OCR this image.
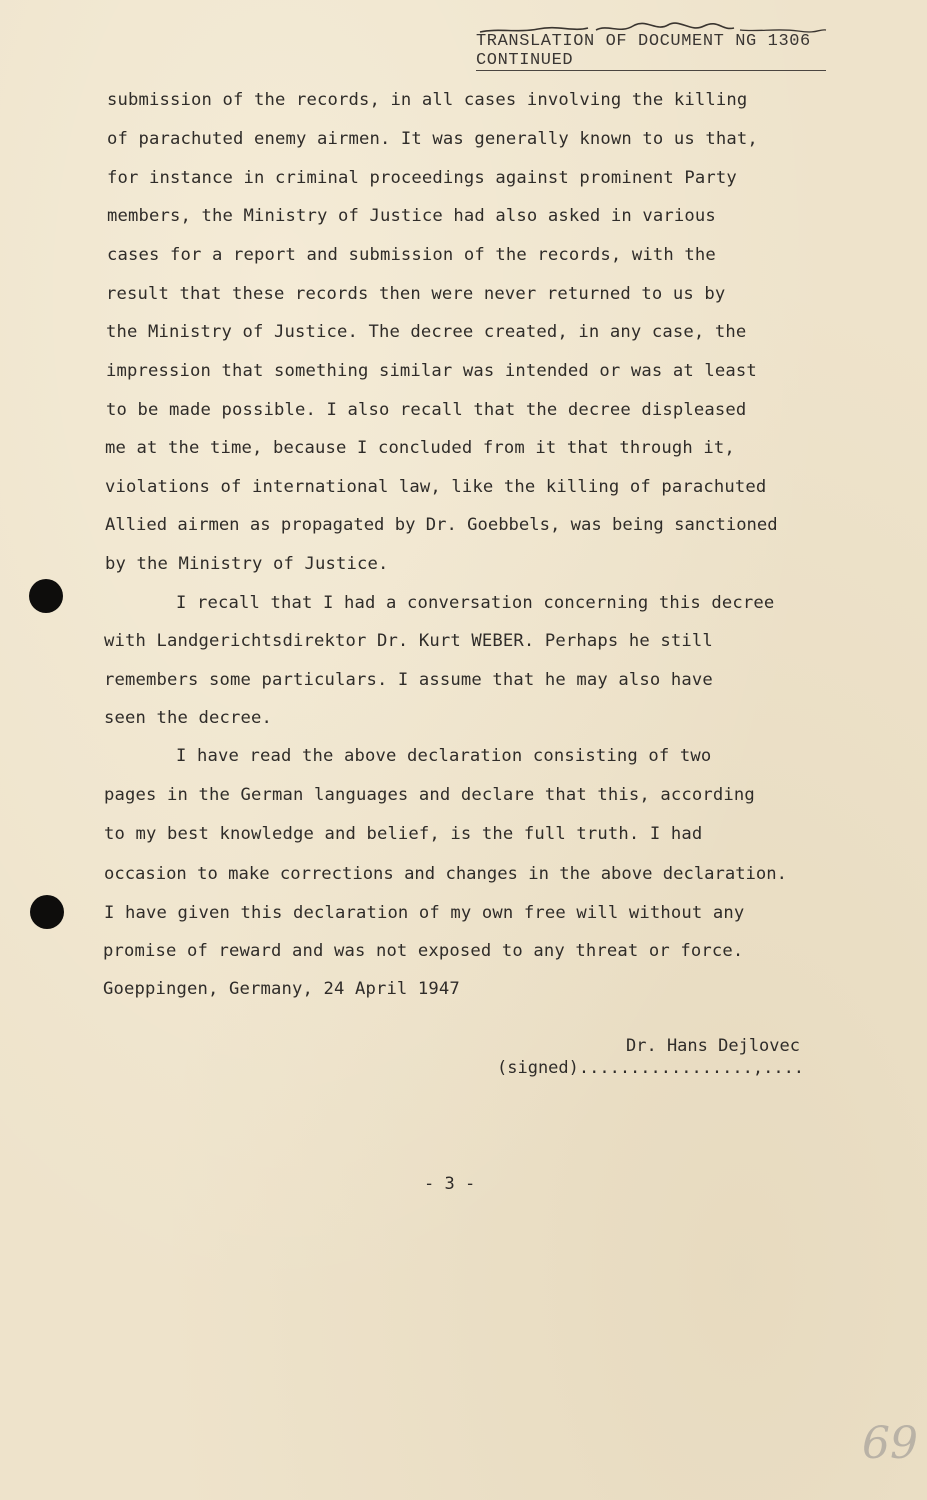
TRANSLATION OF DOCUMENT NG 1306
CONTINUED
submission of the records, in all cases involving the killing
of parachuted enemy airmen. It was generally known to us that,
for instance in criminal proceedings against prominent Party
members, the Ministry of Justice had also asked in various
cases for a report and submission of the records, with the
result that these records then were never returned to us by
the Ministry of Justice. The decree created, in any case, the
impression that something similar was intended or was at least
to be made possible. I also recall that the decree displeased
me at the time, because I concluded from it that through it,
violations of international law, like the killing of parachuted
Allied airmen as propagated by Dr. Goebbels, was being sanctioned
by the Ministry of Justice.
I recall that I had a conversation concerning this decree
with Landgerichtsdirektor Dr. Kurt WEBER. Perhaps he still
remembers some particulars. I assume that he may also have
seen the decree.
I have read the above declaration consisting of two
pages in the German languages and declare that this, according
to my best knowledge and belief, is the full truth. I had
occasion to make corrections and changes in the above declaration.
I have given this declaration of my own free will without any
promise of reward and was not exposed to any threat or force.
Goeppingen, Germany, 24 April 1947
Dr. Hans Dejlovec
(signed).................,....
- 3 -
69
